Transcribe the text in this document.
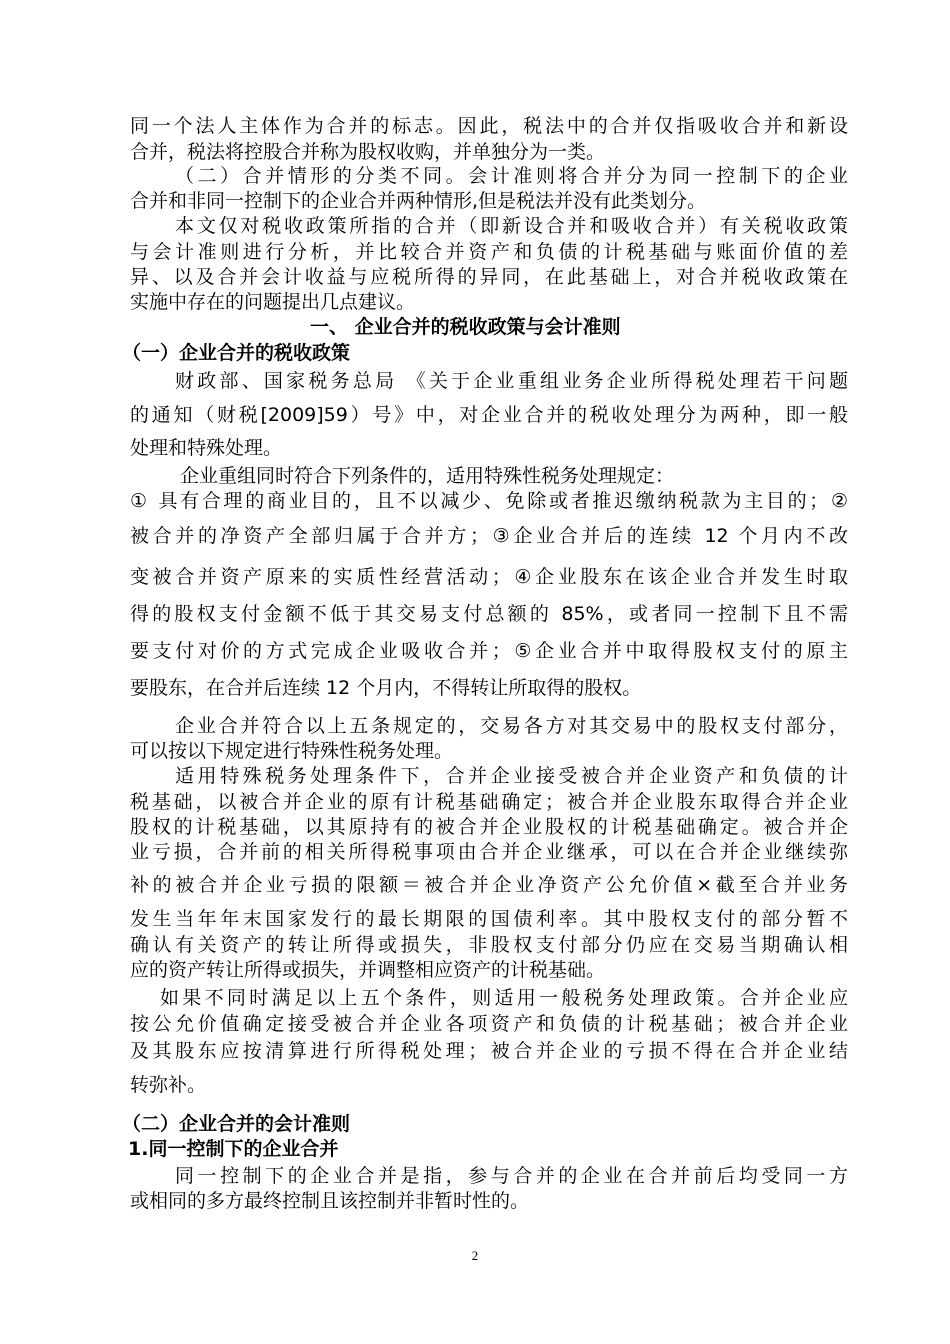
同一个法人主体作为合并的标志。因此，税法中的合并仅指吸收合并和新设
合并，税法将控股合并称为股权收购，并单独分为一类。
（二）合并情形的分类不同。会计准则将合并分为同一控制下的企业
合并和非同一控制下的企业合并两种情形,但是税法并没有此类划分。
本文仅对税收政策所指的合并（即新设合并和吸收合并）有关税收政策
与会计准则进行分析，并比较合并资产和负债的计税基础与账面价值的差
异、以及合并会计收益与应税所得的异同，在此基础上，对合并税收政策在
实施中存在的问题提出几点建议。
一、 企业合并的税收政策与会计准则
（一）企业合并的税收政策
财政部、国家税务总局 《关于企业重组业务企业所得税处理若干问题
的通知（财税[2009]59）号》中，对企业合并的税收处理分为两种，即一般
处理和特殊处理。
企业重组同时符合下列条件的，适用特殊性税务处理规定：
① 具有合理的商业目的，且不以减少、免除或者推迟缴纳税款为主目的；②
被合并的净资产全部归属于合并方；③企业合并后的连续 12 个月内不改
变被合并资产原来的实质性经营活动；④企业股东在该企业合并发生时取
得的股权支付金额不低于其交易支付总额的 85%，或者同一控制下且不需
要支付对价的方式完成企业吸收合并；⑤企业合并中取得股权支付的原主
要股东，在合并后连续 12 个月内，不得转让所取得的股权。
企业合并符合以上五条规定的，交易各方对其交易中的股权支付部分，
可以按以下规定进行特殊性税务处理。
适用特殊税务处理条件下，合并企业接受被合并企业资产和负债的计
税基础，以被合并企业的原有计税基础确定；被合并企业股东取得合并企业
股权的计税基础，以其原持有的被合并企业股权的计税基础确定。被合并企
业亏损，合并前的相关所得税事项由合并企业继承，可以在合并企业继续弥
补的被合并企业亏损的限额＝被合并企业净资产公允价值×截至合并业务
发生当年年末国家发行的最长期限的国债利率。其中股权支付的部分暂不
确认有关资产的转让所得或损失，非股权支付部分仍应在交易当期确认相
应的资产转让所得或损失，并调整相应资产的计税基础。
如果不同时满足以上五个条件，则适用一般税务处理政策。合并企业应
按公允价值确定接受被合并企业各项资产和负债的计税基础；被合并企业
及其股东应按清算进行所得税处理；被合并企业的亏损不得在合并企业结
转弥补。
（二）企业合并的会计准则
1.同一控制下的企业合并
同一控制下的企业合并是指，参与合并的企业在合并前后均受同一方
或相同的多方最终控制且该控制并非暂时性的。
2
